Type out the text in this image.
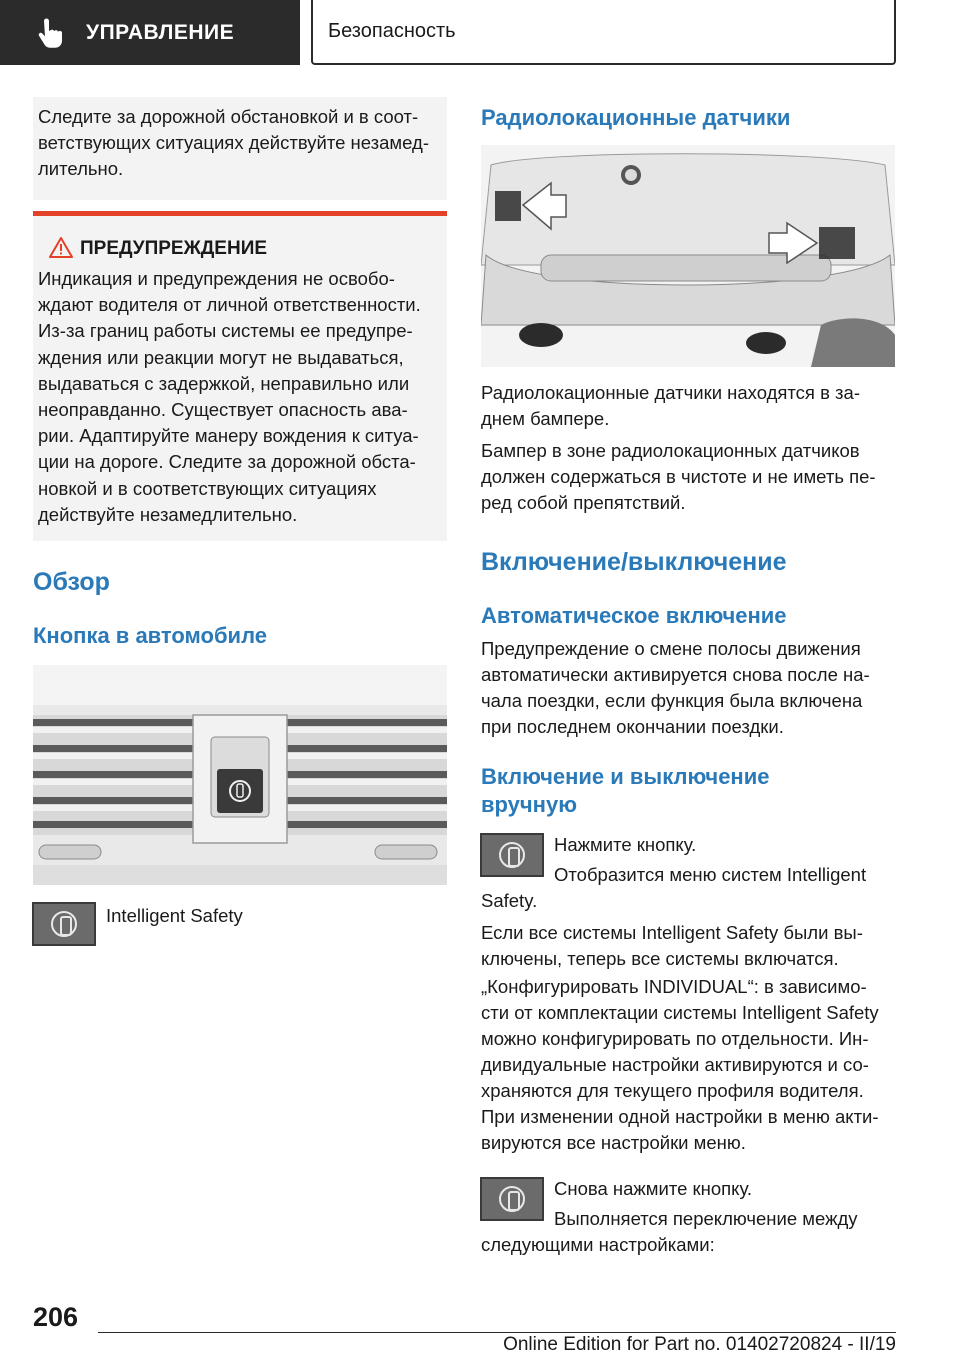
УПРАВЛЕНИЕ	Безопасность
Следите за дорожной обстановкой и в соот-
ветствующих ситуациях действуйте незамед-
лительно.
ПРЕДУПРЕЖДЕНИЕ
Индикация и предупреждения не освобо-
ждают водителя от личной ответственности.
Из-за границ работы системы ее предупре-
ждения или реакции могут не выдаваться,
выдаваться с задержкой, неправильно или
неоправданно. Существует опасность ава-
рии. Адаптируйте манеру вождения к ситуа-
ции на дороге. Следите за дорожной обста-
новкой и в соответствующих ситуациях
действуйте незамедлительно.
Обзор
Кнопка в автомобиле
Intelligent Safety
Радиолокационные датчики
Радиолокационные датчики находятся в за-
днем бампере.
Бампер в зоне радиолокационных датчиков
должен содержаться в чистоте и не иметь пе-
ред собой препятствий.
Включение/выключение
Автоматическое включение
Предупреждение о смене полосы движения
автоматически активируется снова после на-
чала поездки, если функция была включена
при последнем окончании поездки.
Включение и выключение
вручную
Нажмите кнопку.
Отобразится меню систем Intelligent
Safety.
Если все системы Intelligent Safety были вы-
ключены, теперь все системы включатся.
„Конфигурировать INDIVIDUAL“: в зависимо-
сти от комплектации системы Intelligent Safety
можно конфигурировать по отдельности. Ин-
дивидуальные настройки активируются и со-
храняются для текущего профиля водителя.
При изменении одной настройки в меню акти-
вируются все настройки меню.
Снова нажмите кнопку.
Выполняется переключение между
следующими настройками:
206
Online Edition for Part no. 01402720824 - II/19
